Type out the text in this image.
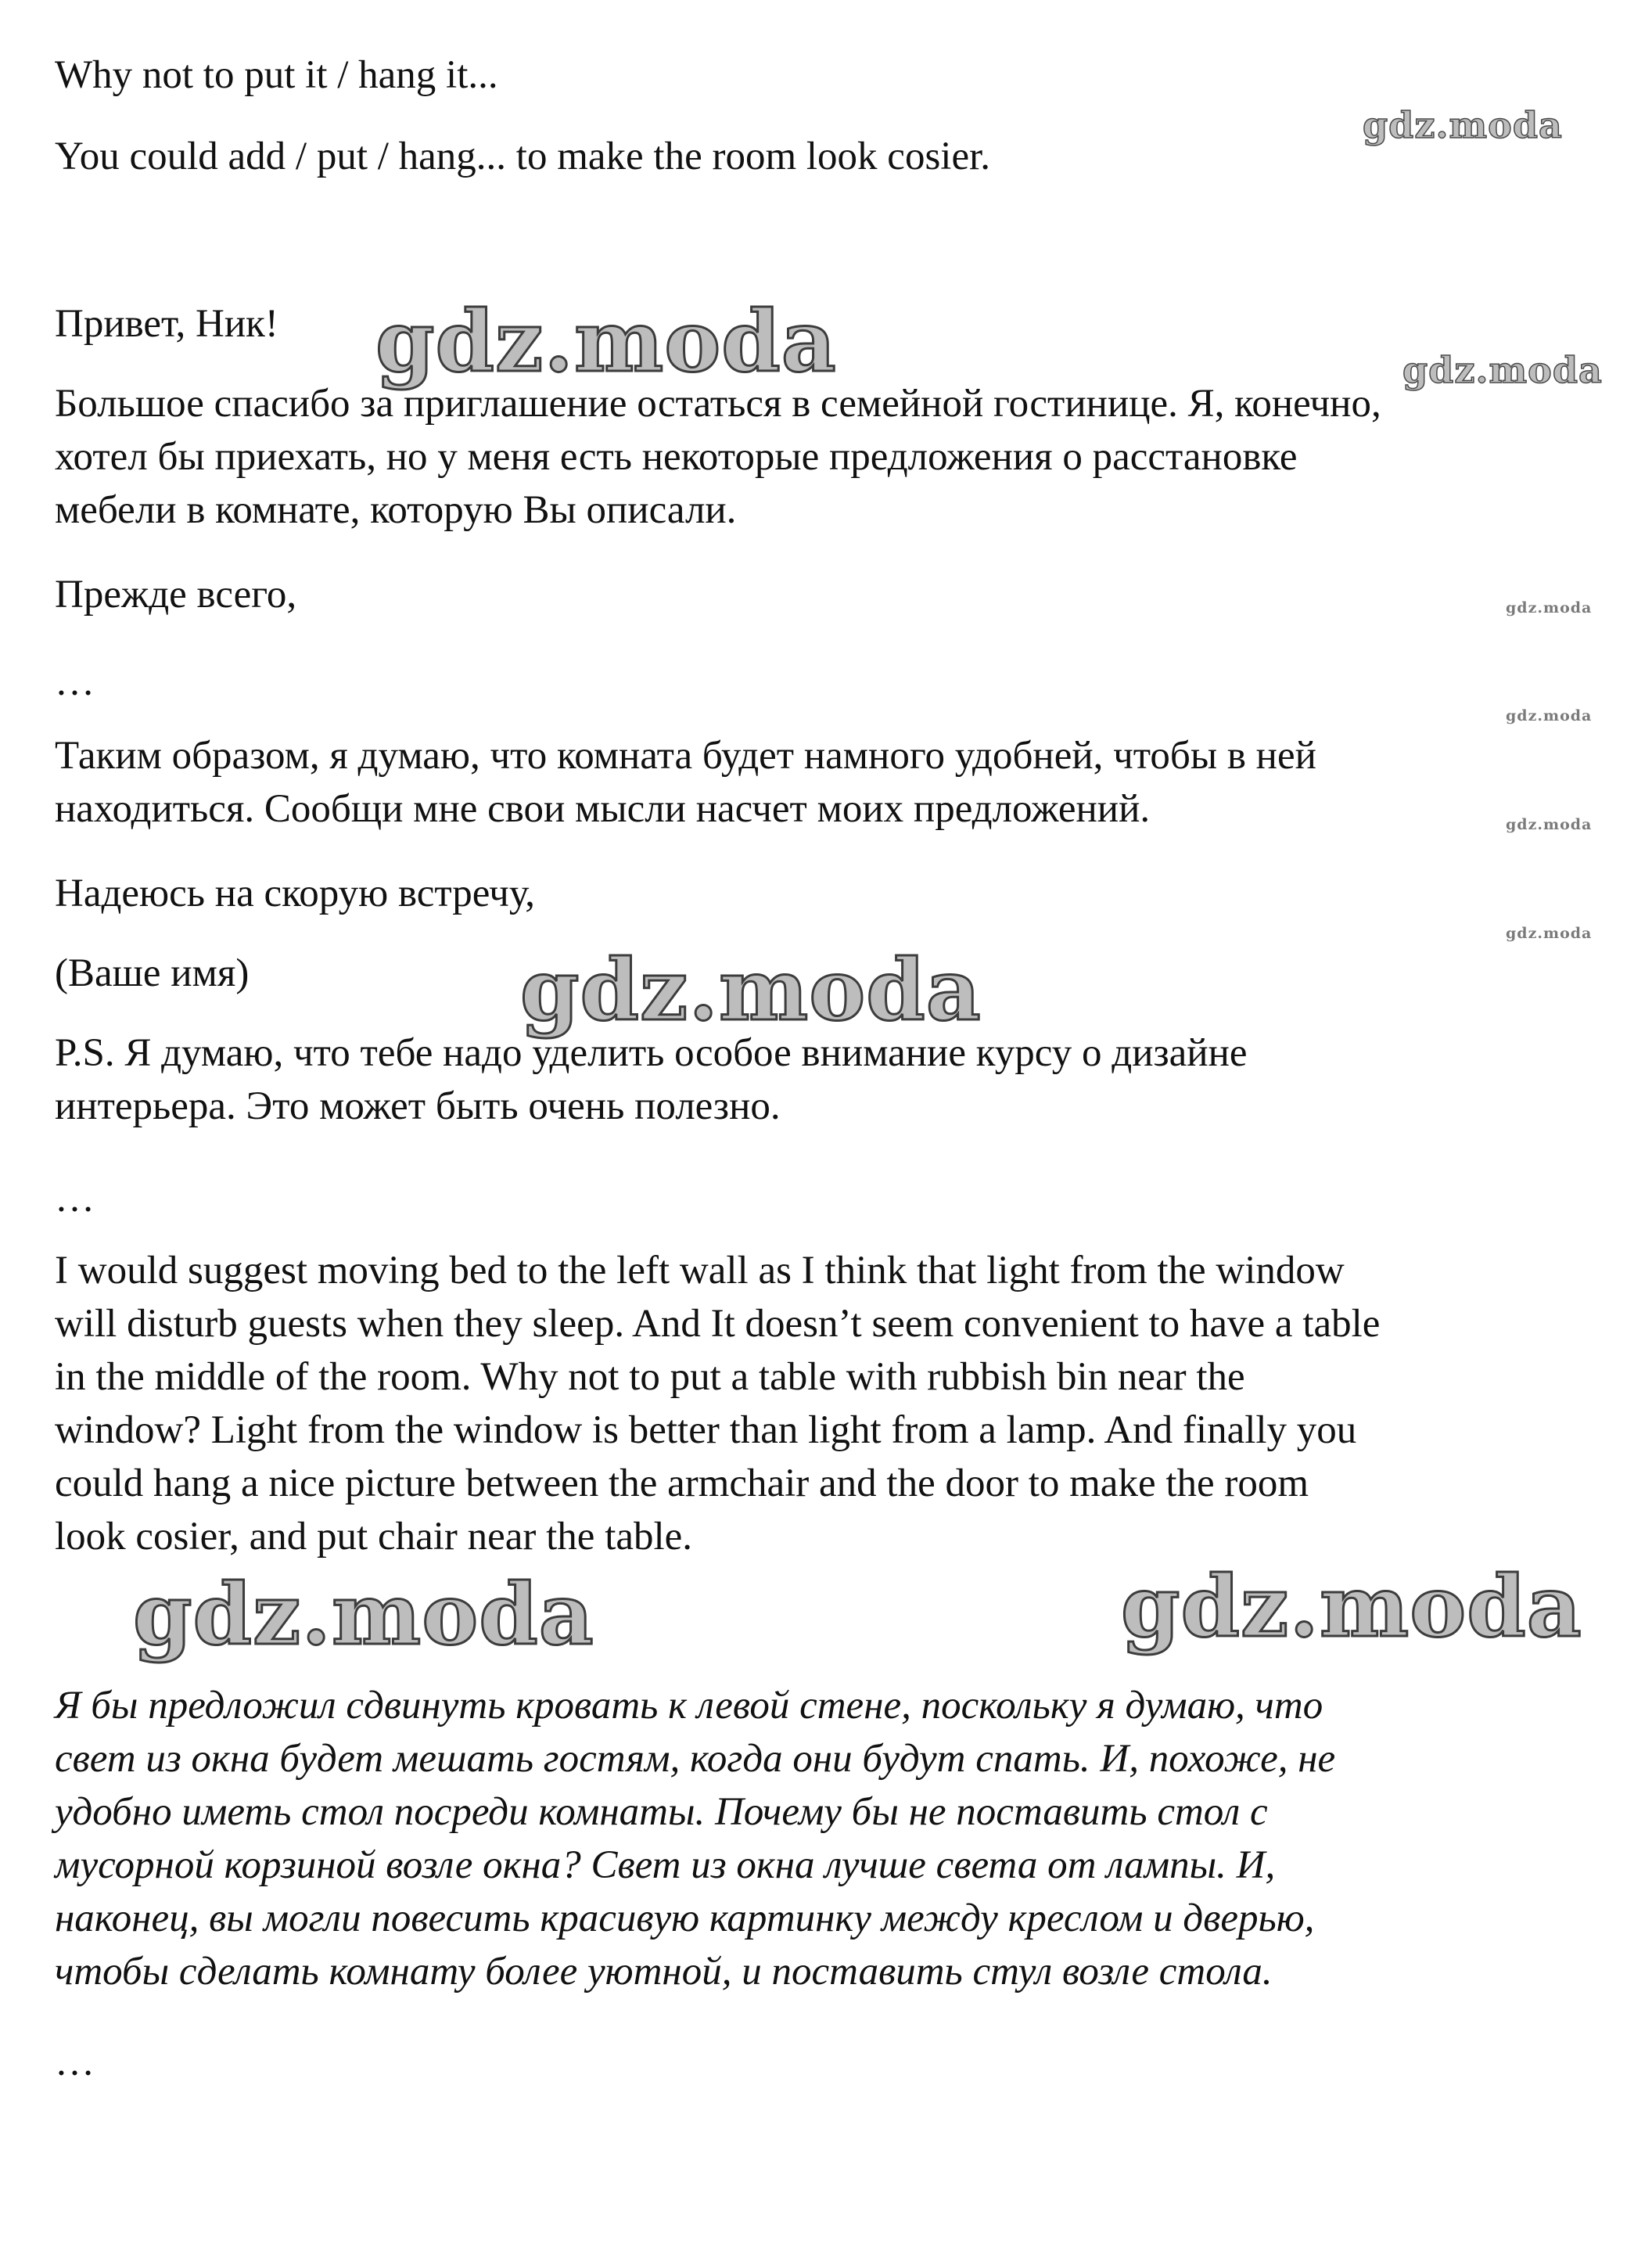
gdz.moda
gdz.moda	gdz.moda
gdz.moda
gdz.moda
gdz.moda
gdz.moda
gdz.moda
gdz.moda	gdz.moda

Why not to put it / hang it...

You could add / put / hang... to make the room look cosier.

Привет, Ник!

Большое спасибо за приглашение остаться в семейной гостинице. Я, конечно,
хотел бы приехать, но у меня есть некоторые предложения о расстановке
мебели в комнате, которую Вы описали.

Прежде всего,

…

Таким образом, я думаю, что комната будет намного удобней, чтобы в ней
находиться. Сообщи мне свои мысли насчет моих предложений.

Надеюсь на скорую встречу,

(Ваше имя)

P.S. Я думаю, что тебе надо уделить особое внимание курсу о дизайне
интерьера. Это может быть очень полезно.

…

I would suggest moving bed to the left wall as I think that light from the window
will disturb guests when they sleep. And It doesn’t seem convenient to have a table
in the middle of the room. Why not to put a table with rubbish bin near the
window? Light from the window is better than light from a lamp. And finally you
could hang a nice picture between the armchair and the door to make the room
look cosier, and put chair near the table.

Я бы предложил сдвинуть кровать к левой стене, поскольку я думаю, что
свет из окна будет мешать гостям, когда они будут спать. И, похоже, не
удобно иметь стол посреди комнаты. Почему бы не поставить стол с
мусорной корзиной возле окна? Свет из окна лучше света от лампы. И,
наконец, вы могли повесить красивую картинку между креслом и дверью,
чтобы сделать комнату более уютной, и поставить стул возле стола.

…
